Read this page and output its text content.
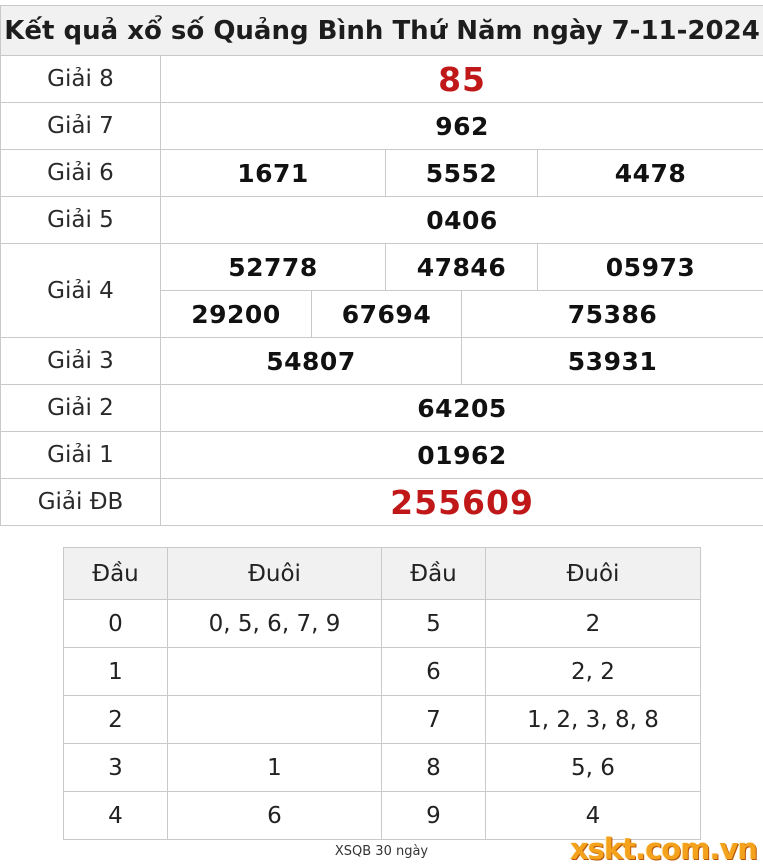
Kết quả xổ số Quảng Bình Thứ Năm ngày 7-11-2024					
Giải 8	85				
Giải 7	962				
Giải 6	1671		5552		4478
Giải 5	0406				
Giải 4	52778		47846		05973
	29200	67694		75386
Giải 3	54807			53931	
Giải 2	64205				
Giải 1	01962				
Giải ĐB	255609				
Đầu	Đuôi	Đầu	Đuôi
0	0, 5, 6, 7, 9	5	2
1		6	2, 2
2		7	1, 2, 3, 8, 8
3	1	8	5, 6
4	6	9	4
XSQB 30 ngày	xskt.com.vn
